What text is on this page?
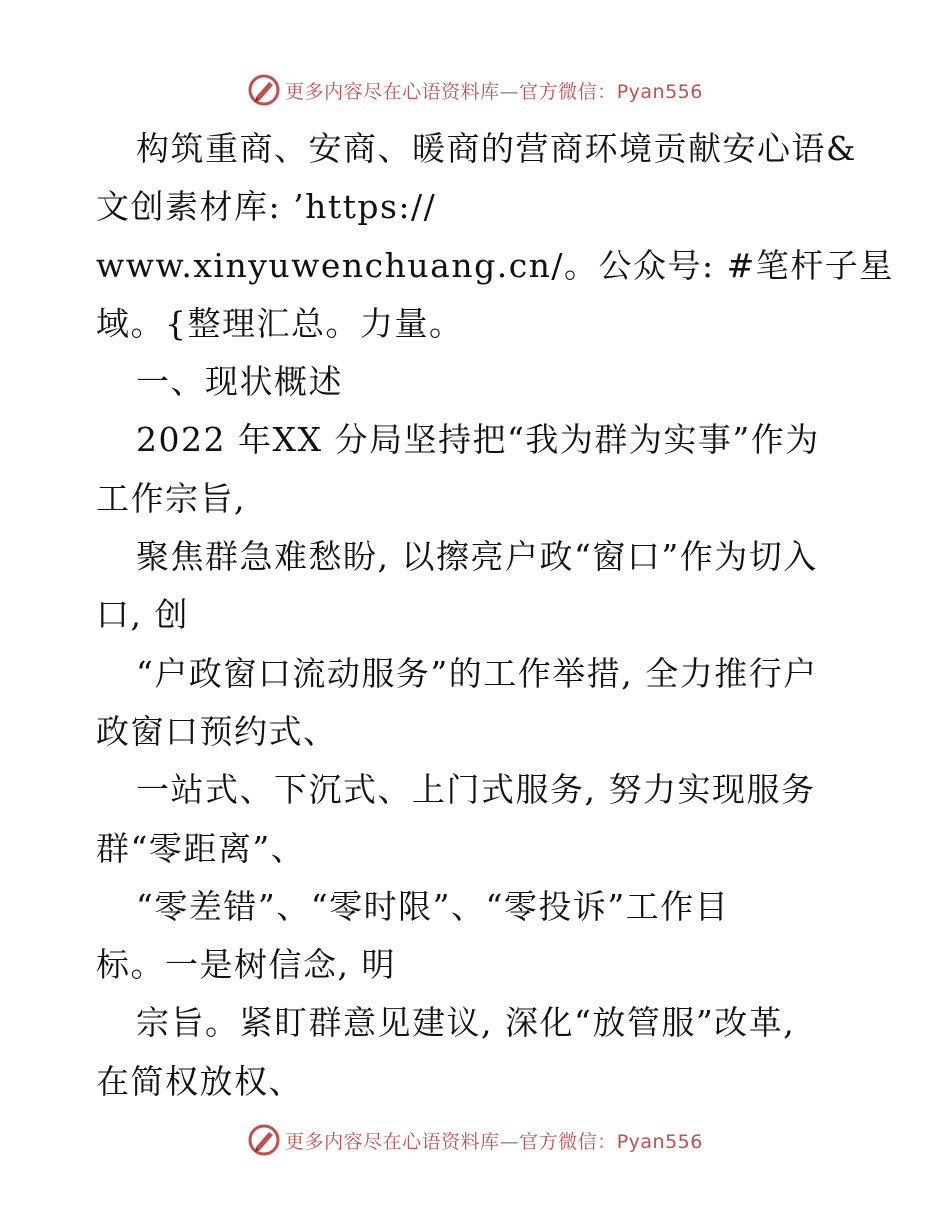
更多内容尽在心语资料库—官方微信：Pyan556
构筑重商、安商、暖商的营商环境贡献安心语&
文创素材库: ’https://
www.xinyuwenchuang.cn/。公众号: #笔杆子星
域。{整理汇总。力量。
一、现状概述
2022 年XX 分局坚持把“我为群为实事”作为
工作宗旨,
聚焦群急难愁盼, 以擦亮户政“窗口”作为切入
口, 创
“户政窗口流动服务”的工作举措, 全力推行户
政窗口预约式、
一站式、下沉式、上门式服务, 努力实现服务
群“零距离”、
“零差错”、“零时限”、“零投诉”工作目
标。一是树信念, 明
宗旨。紧盯群意见建议, 深化“放管服”改革,
在简权放权、
更多内容尽在心语资料库—官方微信：Pyan556
